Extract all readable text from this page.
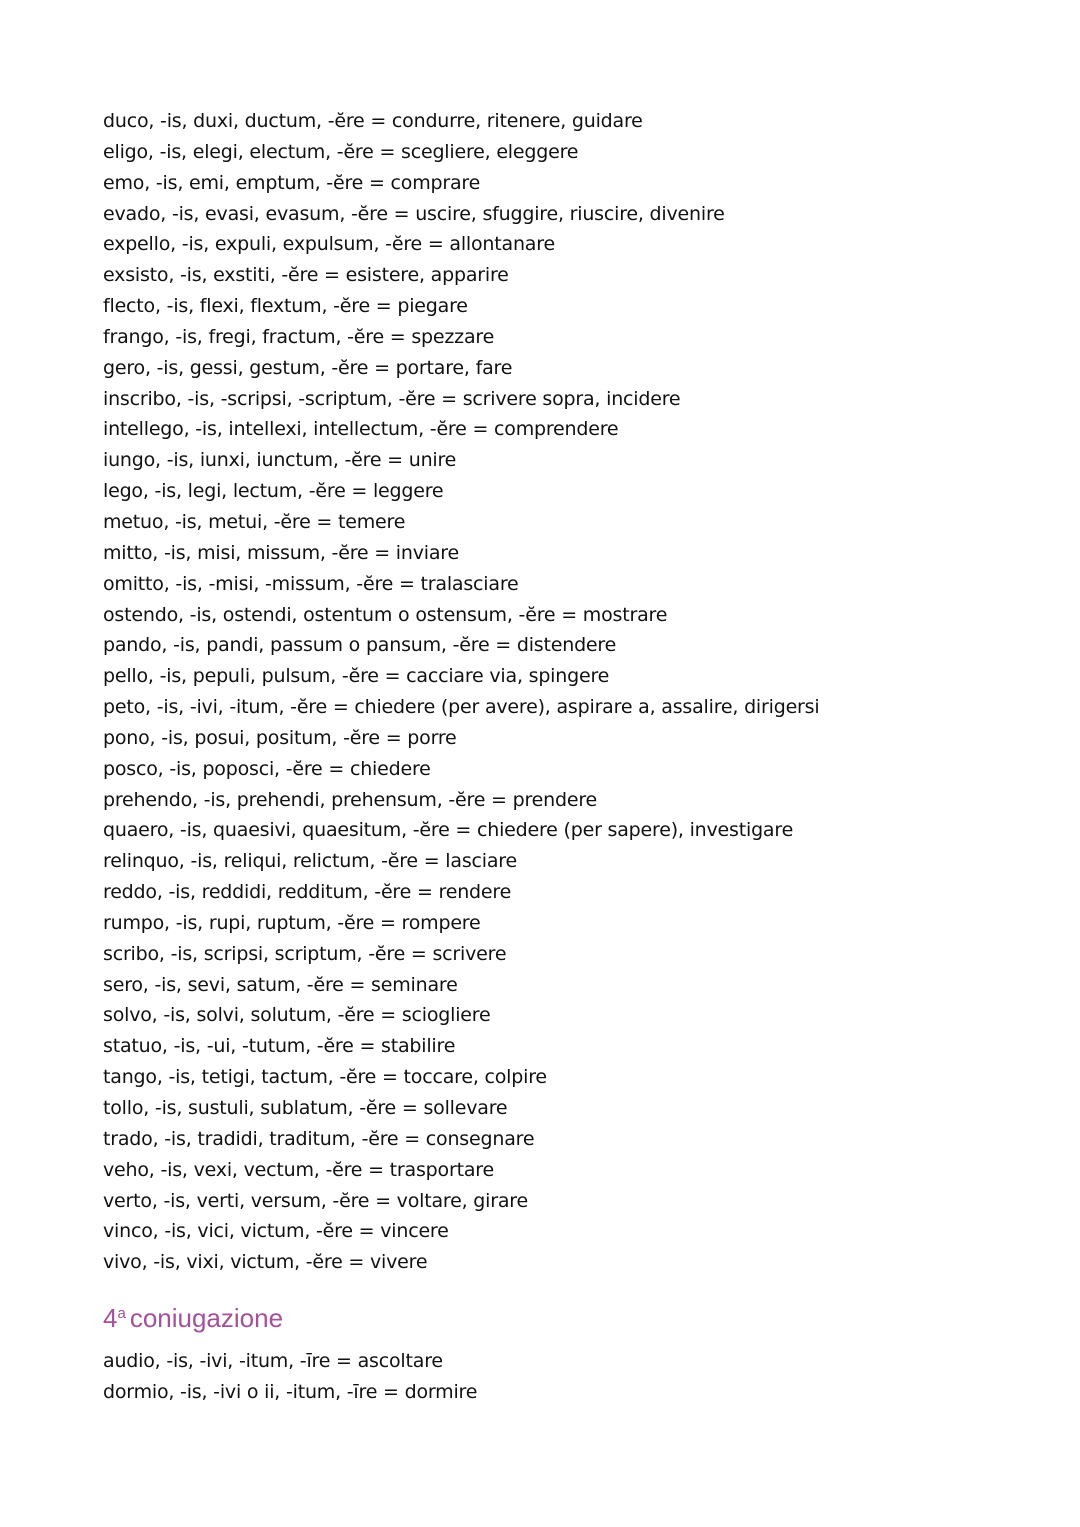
duco, -is, duxi, ductum, -ĕre = condurre, ritenere, guidare
eligo, -is, elegi, electum, -ĕre = scegliere, eleggere
emo, -is, emi, emptum, -ĕre = comprare
evado, -is, evasi, evasum, -ĕre = uscire, sfuggire, riuscire, divenire
expello, -is, expuli, expulsum, -ĕre = allontanare
exsisto, -is, exstiti, -ĕre = esistere, apparire
flecto, -is, flexi, flextum, -ĕre = piegare
frango, -is, fregi, fractum, -ĕre = spezzare
gero, -is, gessi, gestum, -ĕre = portare, fare
inscribo, -is, -scripsi, -scriptum, -ĕre = scrivere sopra, incidere
intellego, -is, intellexi, intellectum, -ĕre = comprendere
iungo, -is, iunxi, iunctum, -ĕre = unire
lego, -is, legi, lectum, -ĕre = leggere
metuo, -is, metui, -ĕre = temere
mitto, -is, misi, missum, -ĕre = inviare
omitto, -is, -misi, -missum, -ĕre = tralasciare
ostendo, -is, ostendi, ostentum o ostensum, -ĕre = mostrare
pando, -is, pandi, passum o pansum, -ĕre = distendere
pello, -is, pepuli, pulsum, -ĕre = cacciare via, spingere
peto, -is, -ivi, -itum, -ĕre = chiedere (per avere), aspirare a, assalire, dirigersi
pono, -is, posui, positum, -ĕre = porre
posco, -is, poposci, -ĕre = chiedere
prehendo, -is, prehendi, prehensum, -ĕre = prendere
quaero, -is, quaesivi, quaesitum, -ĕre = chiedere (per sapere), investigare
relinquo, -is, reliqui, relictum, -ĕre = lasciare
reddo, -is, reddidi, redditum, -ĕre = rendere
rumpo, -is, rupi, ruptum, -ĕre = rompere
scribo, -is, scripsi, scriptum, -ĕre = scrivere
sero, -is, sevi, satum, -ĕre = seminare
solvo, -is, solvi, solutum, -ĕre = sciogliere
statuo, -is, -ui, -tutum, -ĕre = stabilire
tango, -is, tetigi, tactum, -ĕre = toccare, colpire
tollo, -is, sustuli, sublatum, -ĕre = sollevare
trado, -is, tradidi, traditum, -ĕre = consegnare
veho, -is, vexi, vectum, -ĕre = trasportare
verto, -is, verti, versum, -ĕre = voltare, girare
vinco, -is, vici, victum, -ĕre = vincere
vivo, -is, vixi, victum, -ĕre = vivere
4$^a$ coniugazione
audio, -is, -ivi, -itum, -īre = ascoltare
dormio, -is, -ivi o ii, -itum, -īre = dormire
